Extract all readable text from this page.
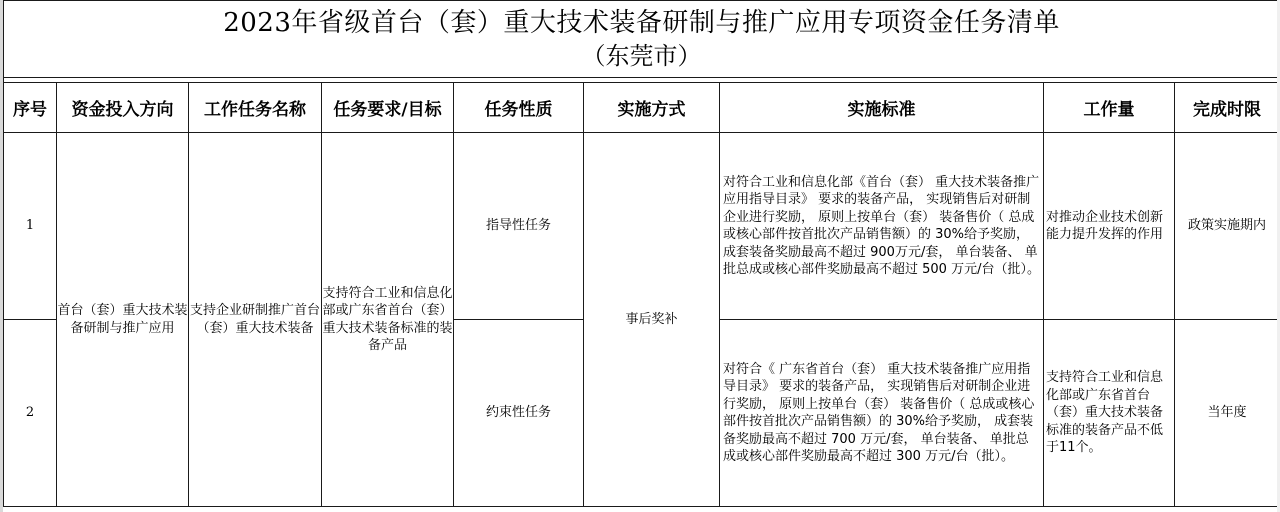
2023年省级首台（套）重大技术装备研制与推广应用专项资金任务清单
（东莞市）								

序号	资金投入方向	工作任务名称	任务要求/目标	任务性质	实施方式	实施标准	工作量	完成时限
1	首台（套）重大技术装备研制与推广应用	支持企业研制推广首台（套）重大技术装备	支持符合工业和信息化部或广东省首台（套）重大技术装备标准的装备产品	指导性任务	事后奖补	对符合工业和信息化部《首台（套） 重大技术装备推广应用指导目录》 要求的装备产品， 实现销售后对研制企业进行奖励， 原则上按单台（套） 装备售价（ 总成或核心部件按首批次产品销售额）的 30%给予奖励， 成套装备奖励最高不超过 900万元/套， 单台装备、 单批总成或核心部件奖励最高不超过 500 万元/台（批）。	对推动企业技术创新能力提升发挥的作用	政策实施期内
2				约束性任务		对符合《 广东省首台（套） 重大技术装备推广应用指导目录》 要求的装备产品， 实现销售后对研制企业进行奖励， 原则上按单台（套） 装备售价（ 总成或核心部件按首批次产品销售额）的 30%给予奖励， 成套装备奖励最高不超过 700 万元/套， 单台装备、 单批总成或核心部件奖励最高不超过 300 万元/台（批）。	支持符合工业和信息化部或广东省首台（套）重大技术装备标准的装备产品不低于11个。	当年度
